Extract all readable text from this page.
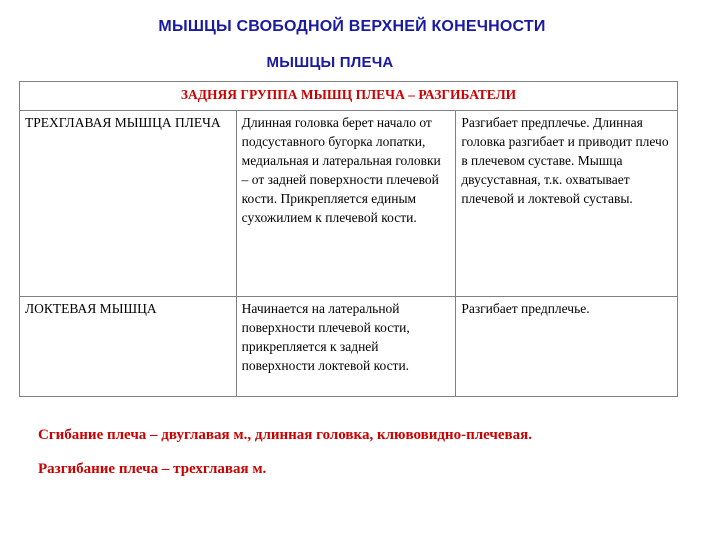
МЫШЦЫ СВОБОДНОЙ ВЕРХНЕЙ КОНЕЧНОСТИ
МЫШЦЫ ПЛЕЧА
ЗАДНЯЯ ГРУППА МЫШЦ ПЛЕЧА – РАЗГИБАТЕЛИ		
ТРЕХГЛАВАЯ МЫШЦА ПЛЕЧА	Длинная головка берет начало от подсуставного бугорка лопатки, медиальная и латеральная головки – от задней поверхности плечевой кости. Прикрепляется единым сухожилием к плечевой кости.	Разгибает предплечье. Длинная головка разгибает и приводит плечо в плечевом суставе. Мышца двусуставная, т.к. охватывает плечевой и локтевой суставы.
ЛОКТЕВАЯ МЫШЦА	Начинается на латеральной поверхности плечевой кости, прикрепляется к задней поверхности локтевой кости.	Разгибает предплечье.
Сгибание плеча – двуглавая м., длинная головка, клювовидно-плечевая.
Разгибание плеча – трехглавая м.
